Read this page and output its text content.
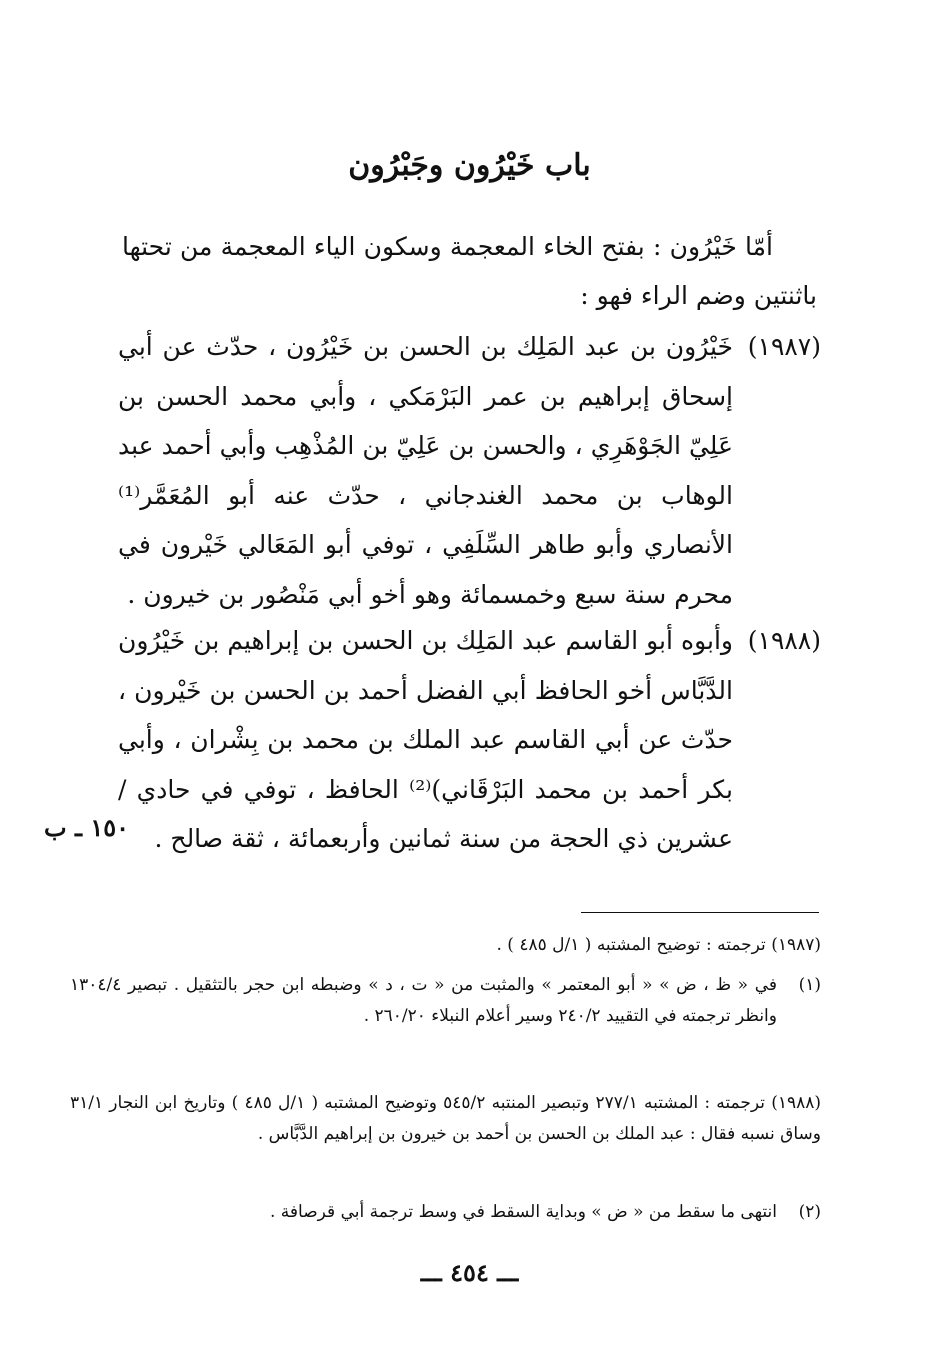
باب خَيْرُون وجَبْرُون

أمّا خَيْرُون : بفتح الخاء المعجمة وسكون الياء المعجمة من تحتها باثنتين وضم الراء فهو :

(١٩٨٧)

خَيْرُون بن عبد المَلِك بن الحسن بن خَيْرُون ، حدّث عن أبي إسحاق إبراهيم بن عمر البَرْمَكي ، وأبي محمد الحسن بن عَلِيّ الجَوْهَرِي ، والحسن بن عَلِيّ بن المُذْهِب وأبي أحمد عبد الوهاب بن محمد الغندجاني ، حدّث عنه أبو المُعَمَّر⁽¹⁾ الأنصاري وأبو طاهر السِّلَفِي ، توفي أبو المَعَالي خَيْرون في محرم سنة سبع وخمسمائة وهو أخو أبي مَنْصُور بن خيرون .

(١٩٨٨)

وأبوه أبو القاسم عبد المَلِك بن الحسن بن إبراهيم بن خَيْرُون الدَّبَّاس أخو الحافظ أبي الفضل أحمد بن الحسن بن خَيْرون ، حدّث عن أبي القاسم عبد الملك بن محمد بن بِشْران ، وأبي بكر أحمد بن محمد البَرْقَاني)⁽²⁾ الحافظ ، توفي في حادي / عشرين ذي الحجة من سنة ثمانين وأربعمائة ، ثقة صالح .

١٥٠ ـ ب
(١٩٨٧) ترجمته : توضيح المشتبه ( ١/ل ٤٨٥ ) .
(١)
في « ظ ، ض » « أبو المعتمر » والمثبت من « ت ، د » وضبطه ابن حجر بالتثقيل . تبصير ١٣٠٤/٤ وانظر ترجمته في التقييد ٢٤٠/٢ وسير أعلام النبلاء ٢٦٠/٢٠ .
(١٩٨٨) ترجمته : المشتبه ٢٧٧/١ وتبصير المنتبه ٥٤٥/٢ وتوضيح المشتبه ( ١/ل ٤٨٥ ) وتاريخ ابن النجار ٣١/١ وساق نسبه فقال : عبد الملك بن الحسن بن أحمد بن خيرون بن إبراهيم الدَّبَّاس .
(٢)
انتهى ما سقط من « ض » وبداية السقط في وسط ترجمة أبي قرصافة .
ـــ ٤٥٤ ـــ
